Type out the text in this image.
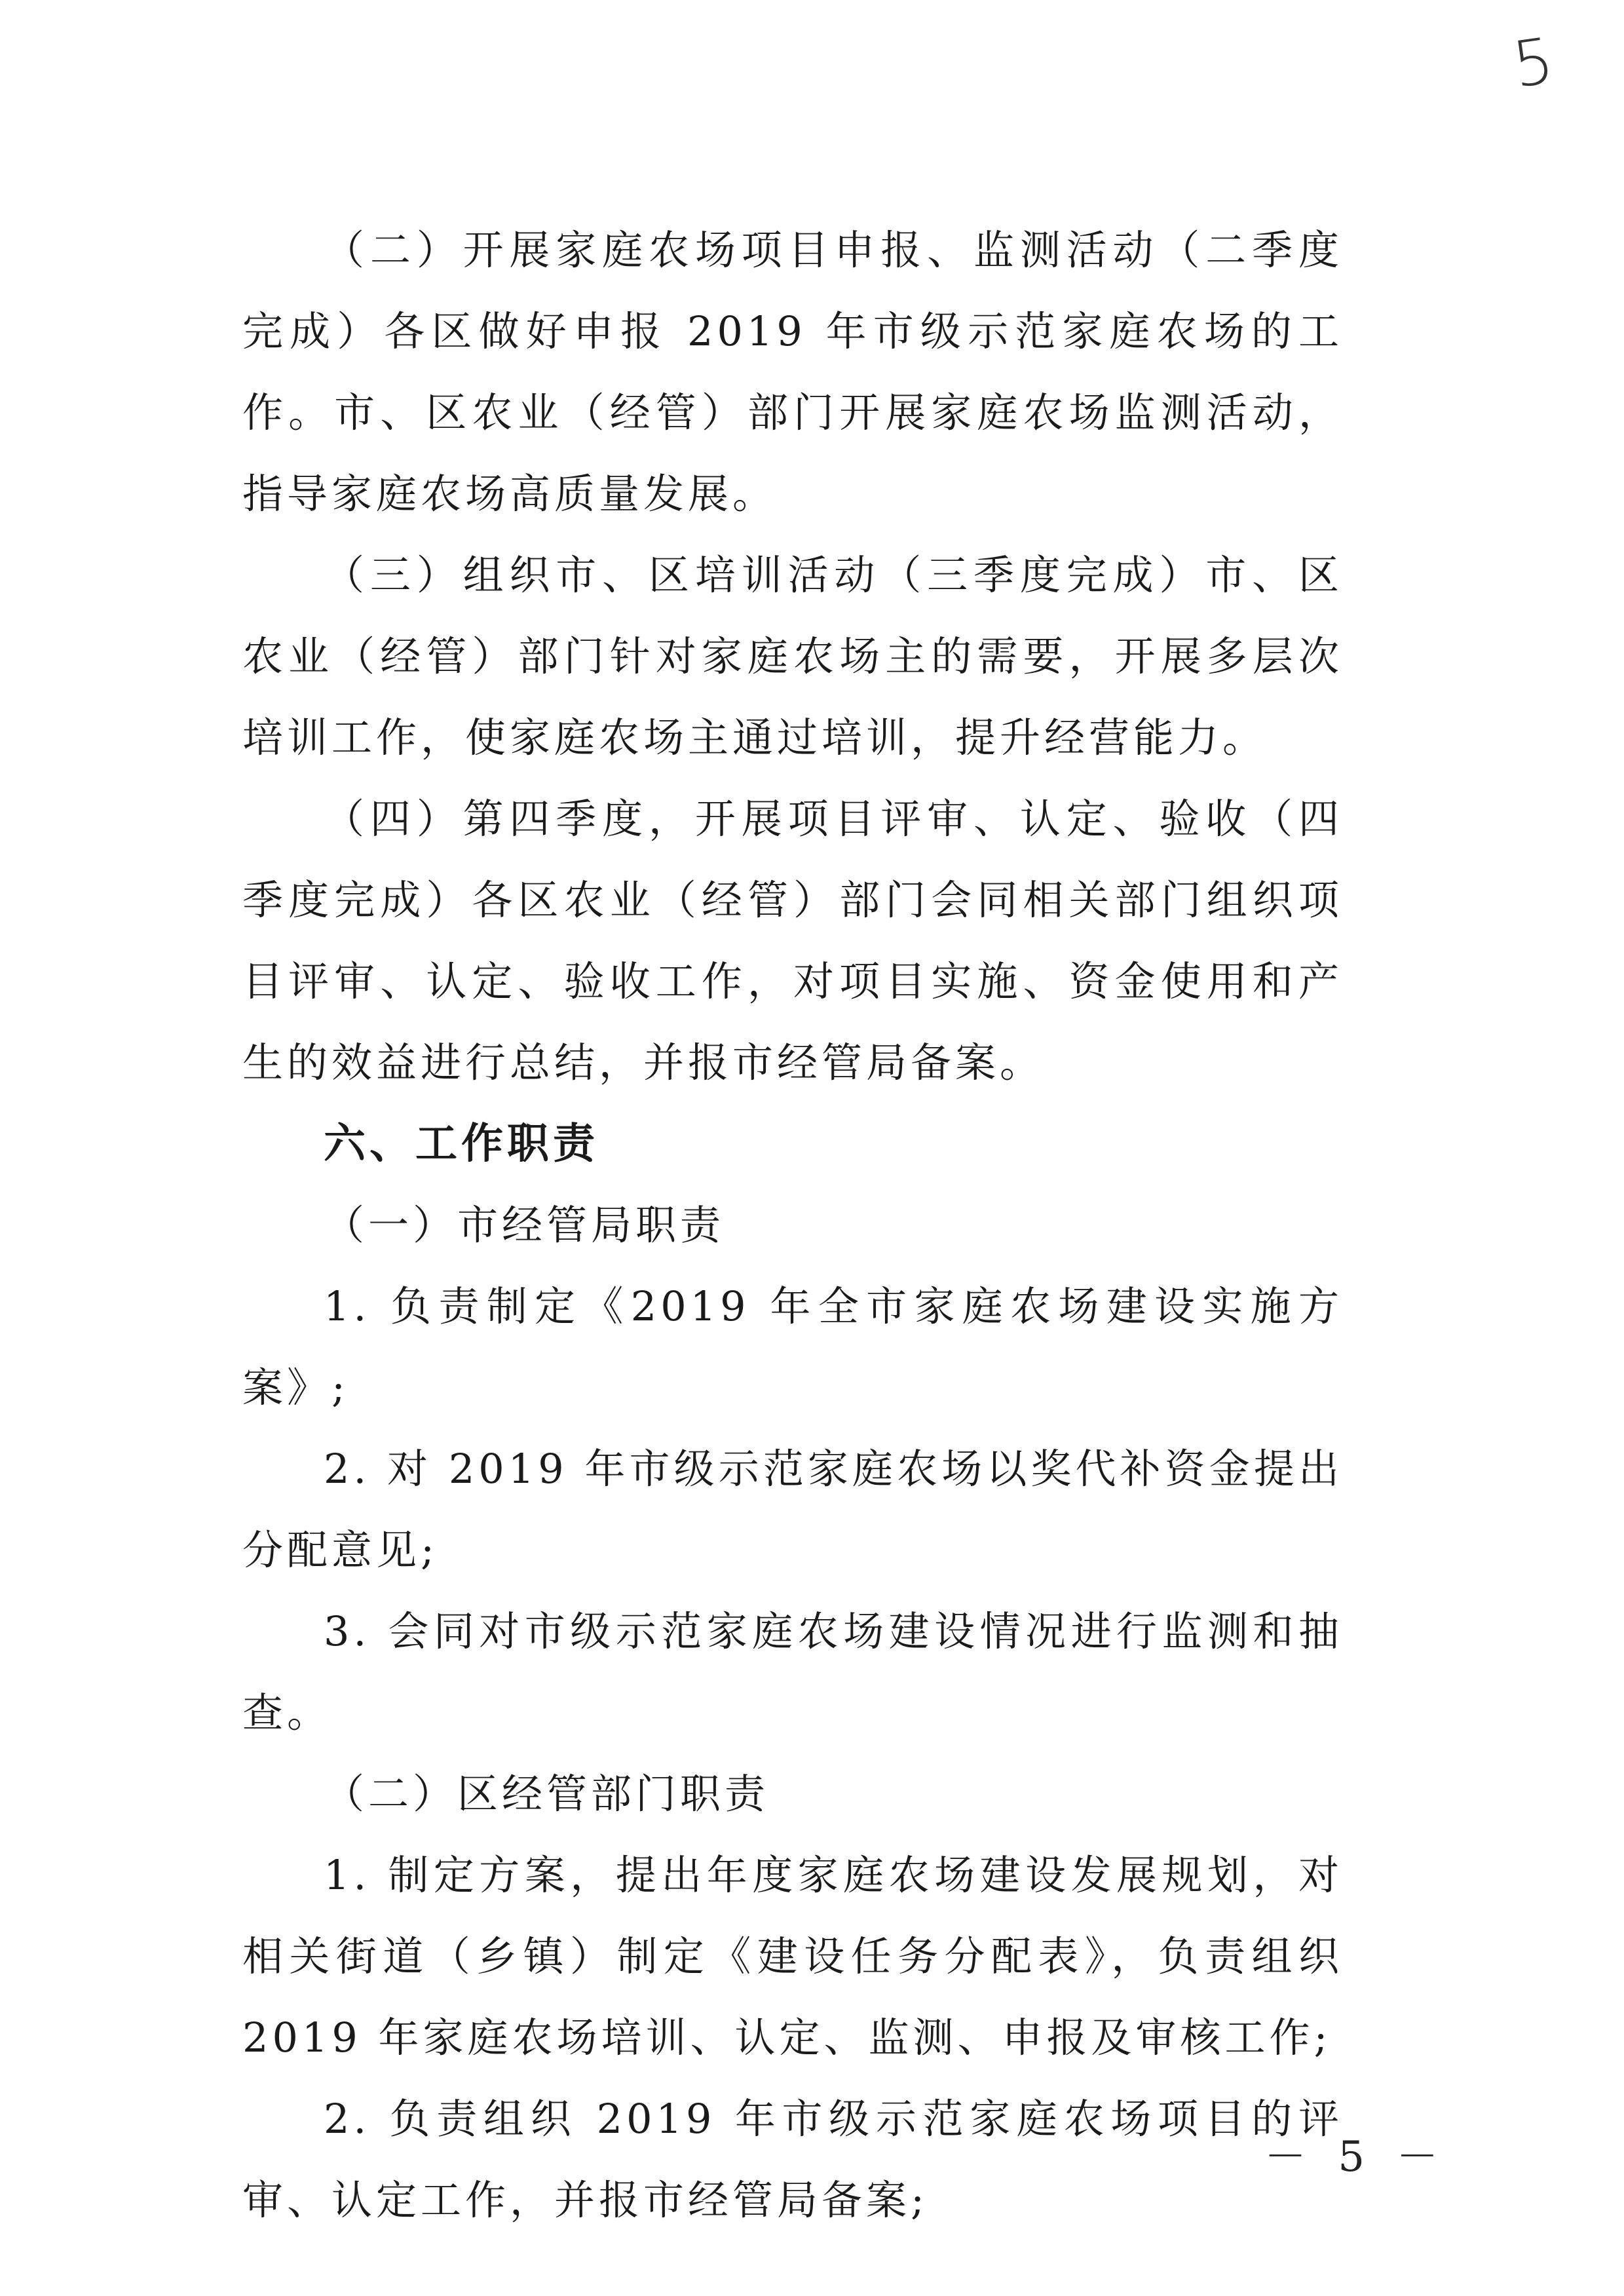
5

（二）开展家庭农场项目申报、监测活动（二季度完成）各区做好申报 2019 年市级示范家庭农场的工作。市、区农业（经管）部门开展家庭农场监测活动，指导家庭农场高质量发展。

（三）组织市、区培训活动（三季度完成）市、区农业（经管）部门针对家庭农场主的需要，开展多层次培训工作，使家庭农场主通过培训，提升经营能力。

（四）第四季度，开展项目评审、认定、验收（四季度完成）各区农业（经管）部门会同相关部门组织项目评审、认定、验收工作，对项目实施、资金使用和产生的效益进行总结，并报市经管局备案。

六、工作职责

（一）市经管局职责

1. 负责制定《2019 年全市家庭农场建设实施方案》;

2. 对 2019 年市级示范家庭农场以奖代补资金提出分配意见;

3. 会同对市级示范家庭农场建设情况进行监测和抽查。

（二）区经管部门职责

1. 制定方案，提出年度家庭农场建设发展规划，对相关街道（乡镇）制定《建设任务分配表》，负责组织 2019 年家庭农场培训、认定、监测、申报及审核工作;

2. 负责组织 2019 年市级示范家庭农场项目的评审、认定工作，并报市经管局备案;

－ 5 －
